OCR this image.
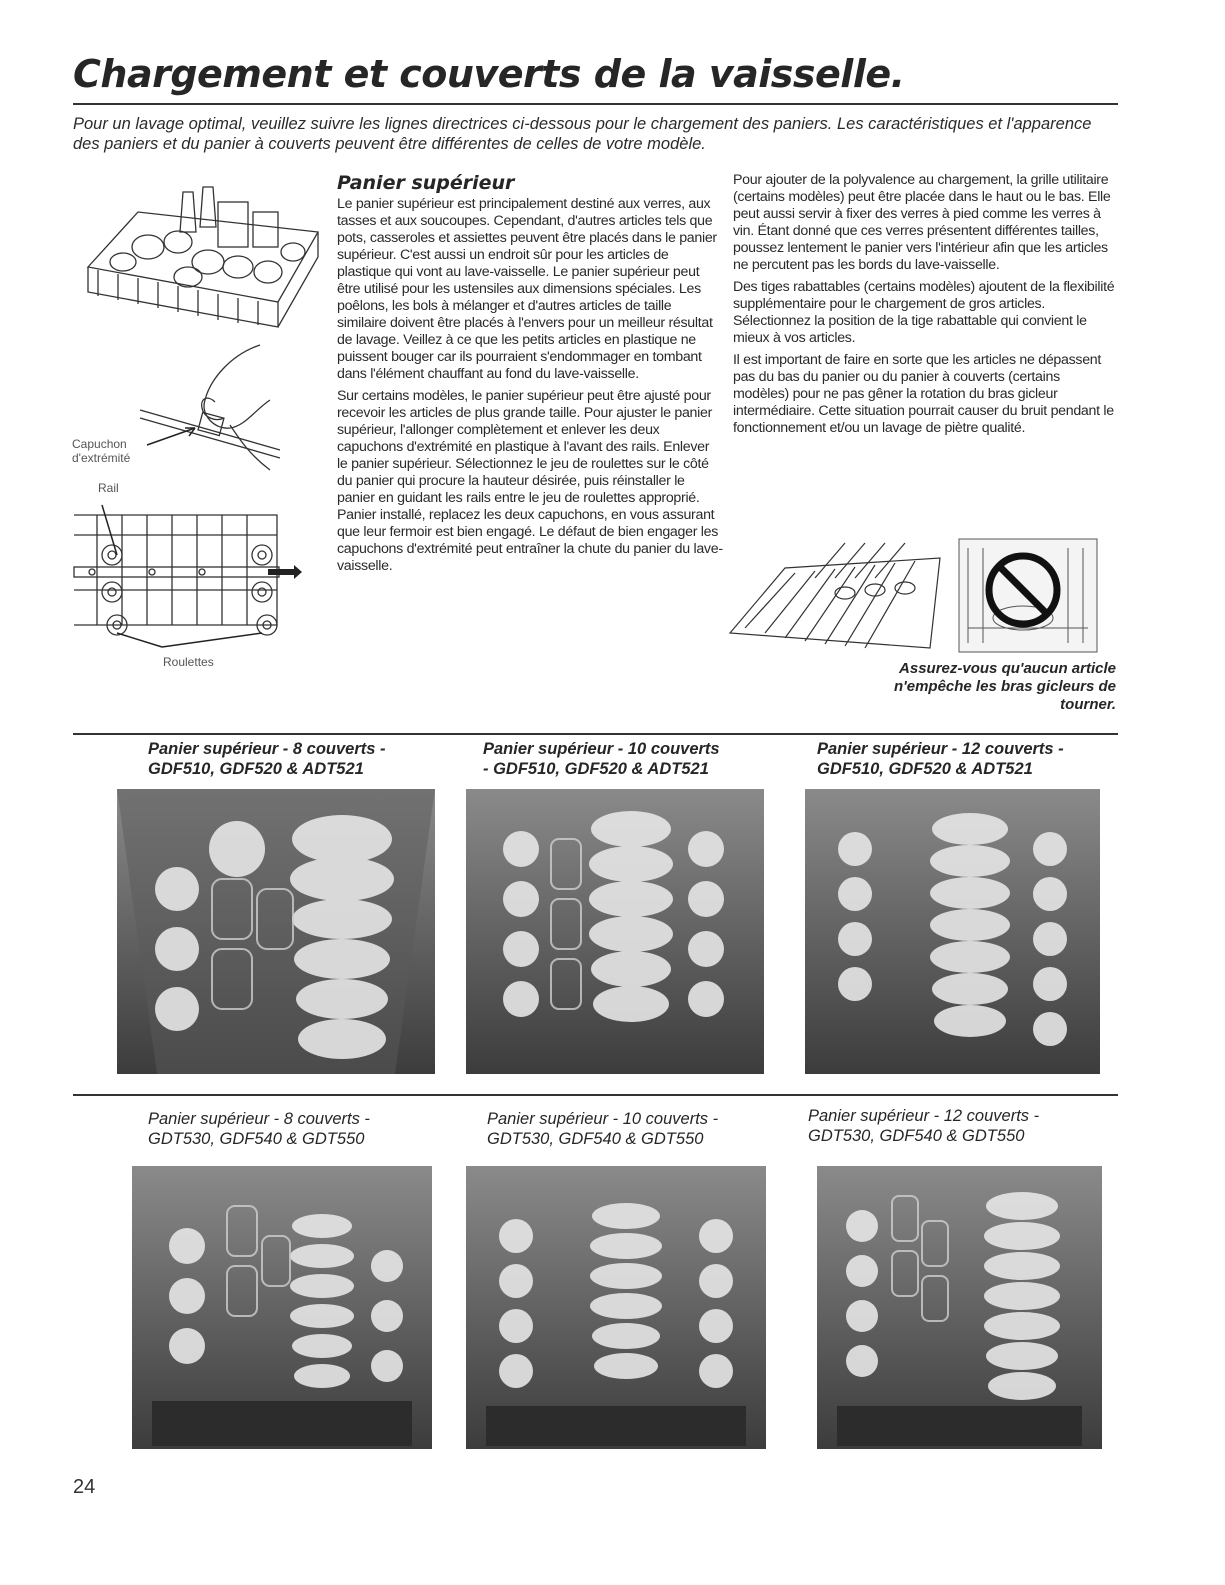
Chargement et couverts de la vaisselle.

Pour un lavage optimal, veuillez suivre les lignes directrices ci-dessous pour le chargement des paniers. Les caractéristiques et l'apparence des paniers et du panier à couverts peuvent être différentes de celles de votre modèle.

Capuchon d'extrémité
Rail
Roulettes
Panier supérieur

Le panier supérieur est principalement destiné aux verres, aux tasses et aux soucoupes. Cependant, d'autres articles tels que pots, casseroles et assiettes peuvent être placés dans le panier supérieur. C'est aussi un endroit sûr pour les articles de plastique qui vont au lave-vaisselle. Le panier supérieur peut être utilisé pour les ustensiles aux dimensions spéciales. Les poêlons, les bols à mélanger et d'autres articles de taille similaire doivent être placés à l'envers pour un meilleur résultat de lavage. Veillez à ce que les petits articles en plastique ne puissent bouger car ils pourraient s'endommager en tombant dans l'élément chauffant au fond du lave-vaisselle.

Sur certains modèles, le panier supérieur peut être ajusté pour recevoir les articles de plus grande taille. Pour ajuster le panier supérieur, l'allonger complètement et enlever les deux capuchons d'extrémité en plastique à l'avant des rails. Enlever le panier supérieur. Sélectionnez le jeu de roulettes sur le côté du panier qui procure la hauteur désirée, puis réinstaller le panier en guidant les rails entre le jeu de roulettes approprié. Panier installé, replacez les deux capuchons, en vous assurant que leur fermoir est bien engagé. Le défaut de bien engager les capuchons d'extrémité peut entraîner la chute du panier du lave-vaisselle.

Pour ajouter de la polyvalence au chargement, la grille utilitaire (certains modèles) peut être placée dans le haut ou le bas. Elle peut aussi servir à fixer des verres à pied comme les verres à vin. Étant donné que ces verres présentent différentes tailles, poussez lentement le panier vers l'intérieur afin que les articles ne percutent pas les bords du lave-vaisselle.

Des tiges rabattables (certains modèles) ajoutent de la flexibilité supplémentaire pour le chargement de gros articles. Sélectionnez la position de la tige rabattable qui convient le mieux à vos articles.

Il est important de faire en sorte que les articles ne dépassent pas du bas du panier ou du panier à couverts (certains modèles) pour ne pas gêner la rotation du bras gicleur intermédiaire. Cette situation pourrait causer du bruit pendant le fonctionnement et/ou un lavage de piètre qualité.

Assurez-vous qu'aucun article n'empêche les bras gicleurs de tourner.
Panier supérieur - 8 couverts -
GDF510, GDF520 & ADT521
Panier supérieur - 10 couverts
- GDF510, GDF520 & ADT521
Panier supérieur - 12 couverts -
GDF510, GDF520 & ADT521
Panier supérieur - 8 couverts -
GDT530, GDF540 & GDT550
Panier supérieur - 10 couverts -
GDT530, GDF540 & GDT550
Panier supérieur - 12 couverts -
GDT530, GDF540 & GDT550
24
